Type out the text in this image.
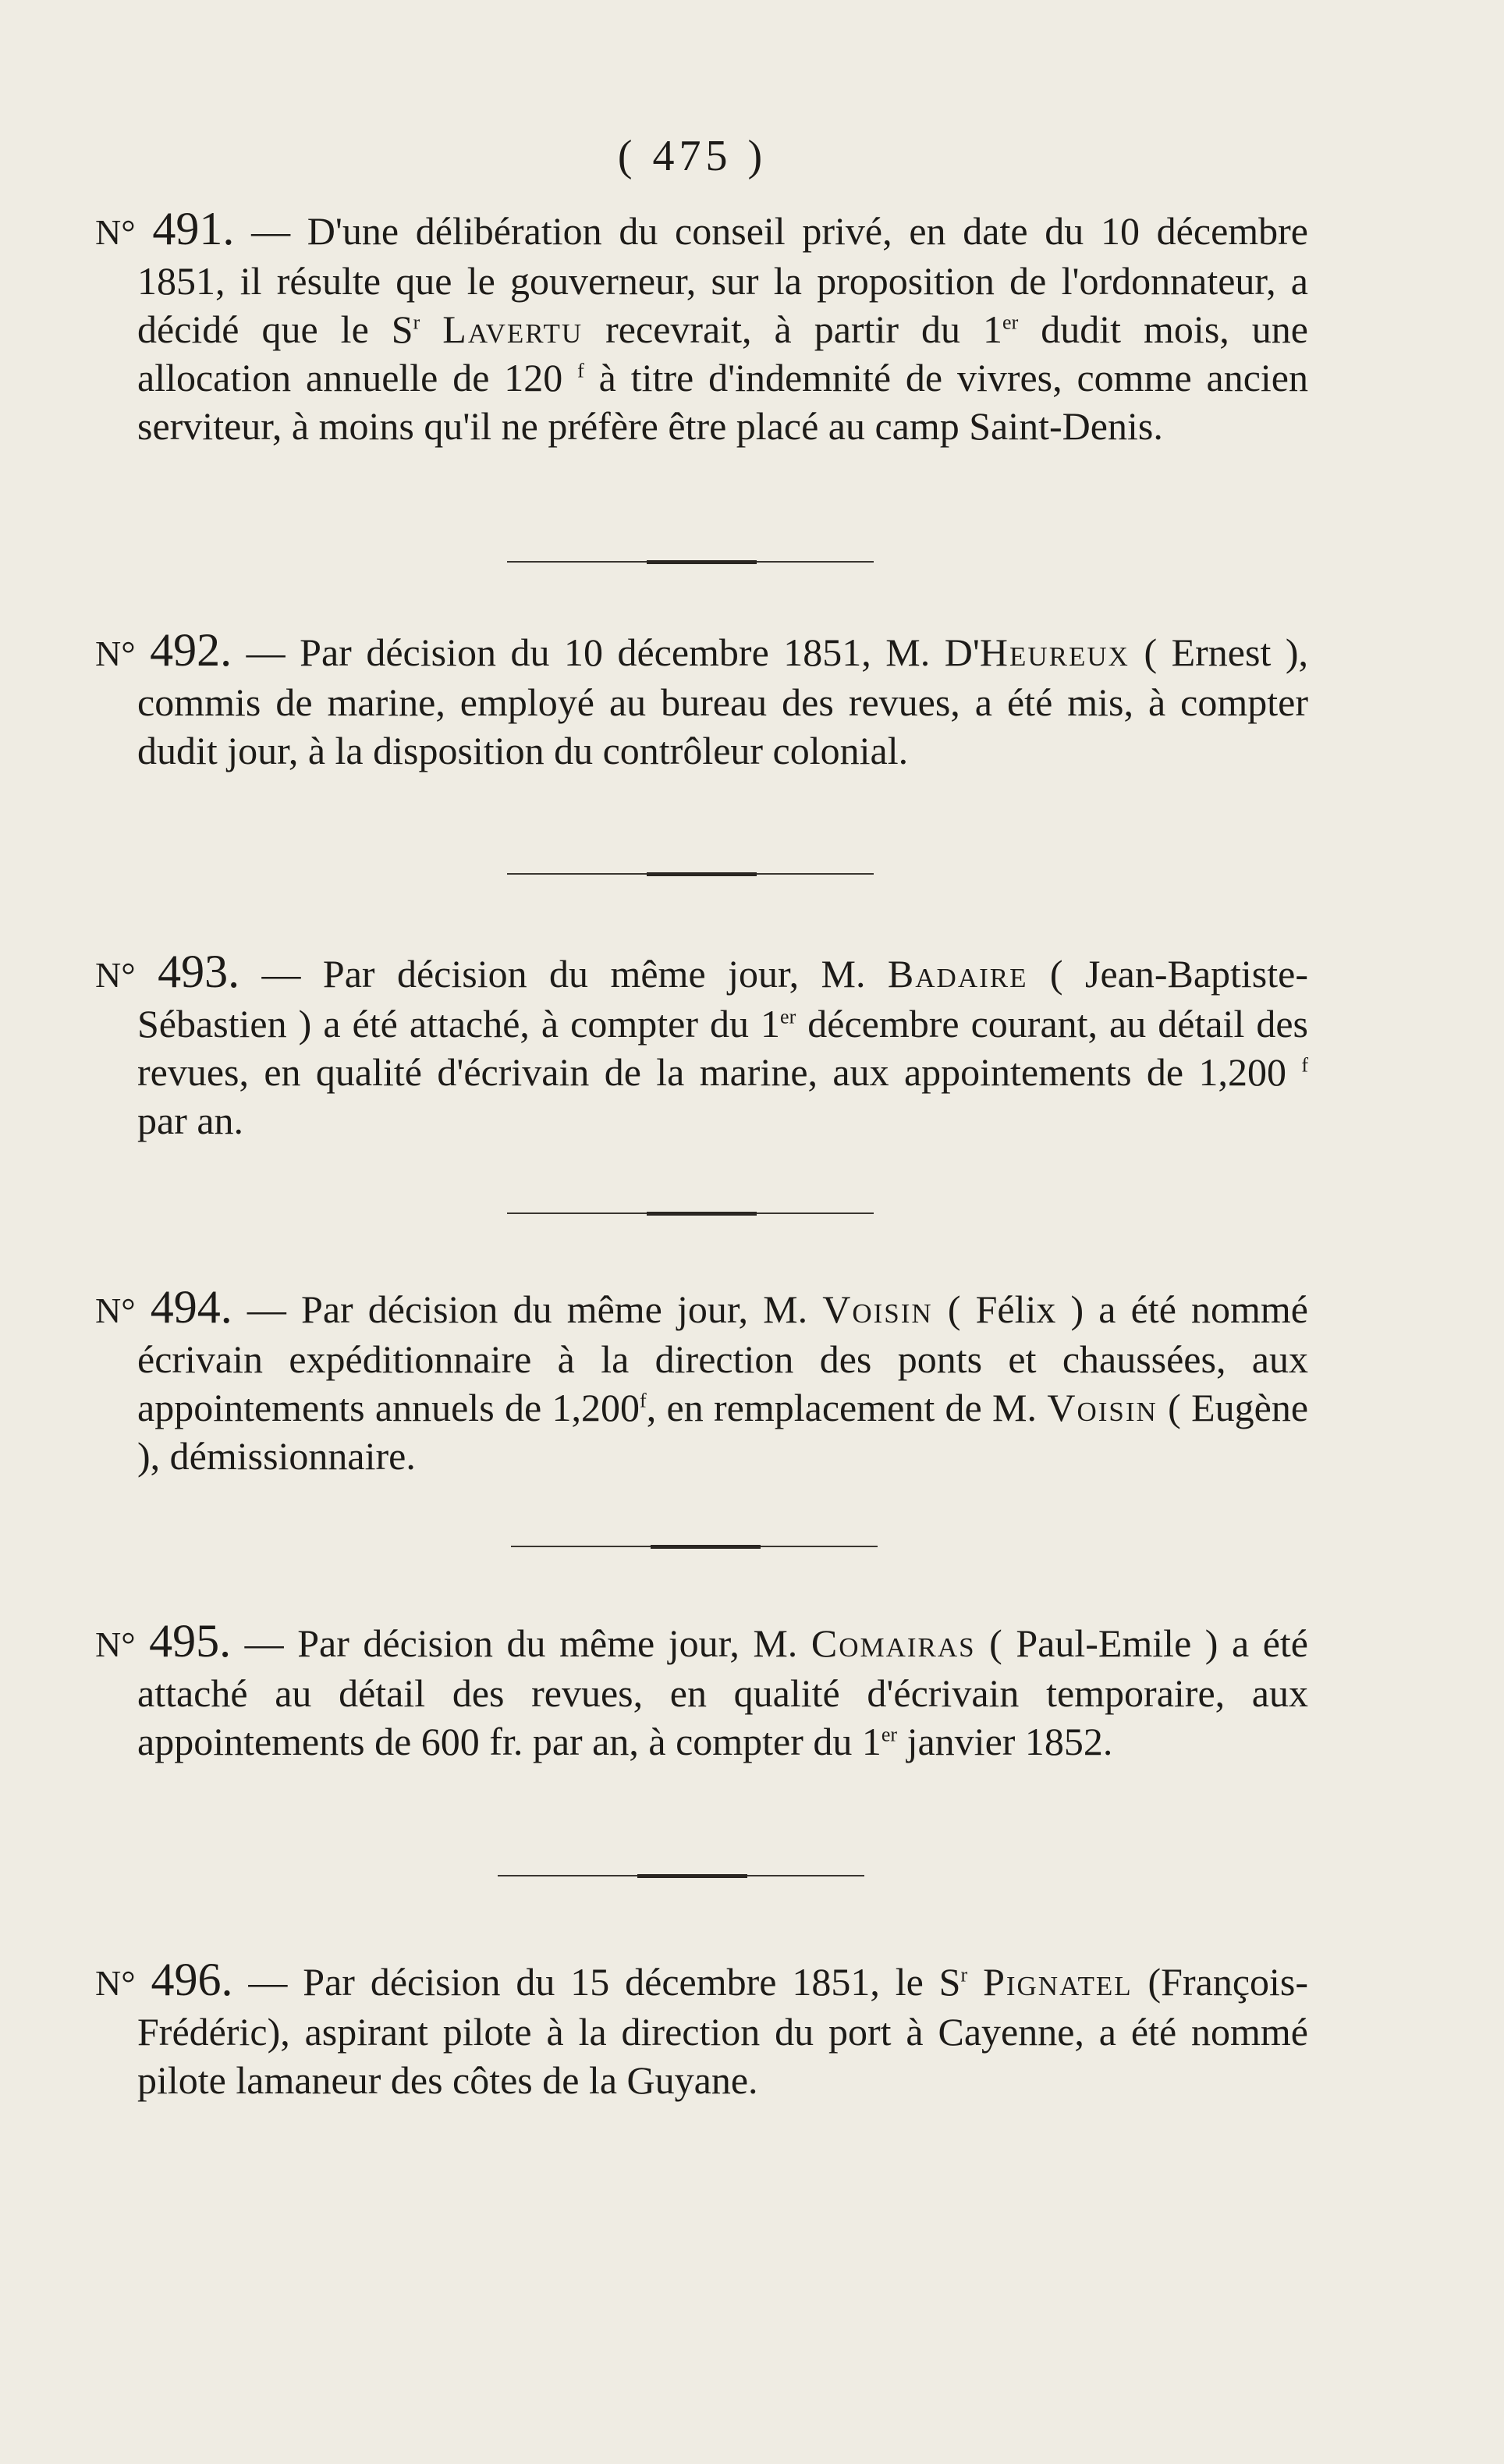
( 475 )

N° 491. — D'une délibération du conseil privé, en date du 10 décembre 1851, il résulte que le gouverneur, sur la proposition de l'ordonnateur, a décidé que le $S^r$ Lavertu recevrait, à partir du 1er dudit mois, une allocation annuelle de 120 $^f$ à titre d'indemnité de vivres, comme ancien serviteur, à moins qu'il ne préfère être placé au camp Saint-Denis.

N° 492. — Par décision du 10 décembre 1851, M. D'Heureux ( Ernest ), commis de marine, employé au bureau des revues, a été mis, à compter dudit jour, à la disposition du contrôleur colonial.

N° 493. — Par décision du même jour, M. Badaire ( Jean-Baptiste-Sébastien ) a été attaché, à compter du 1er décembre courant, au détail des revues, en qualité d'écrivain de la marine, aux appointements de 1,200 $^f$ par an.

N° 494. — Par décision du même jour, M. Voisin ( Félix ) a été nommé écrivain expéditionnaire à la direction des ponts et chaussées, aux appointements annuels de 1,200$^f$, en remplacement de M. Voisin ( Eugène ), démissionnaire.

N° 495. — Par décision du même jour, M. Comairas ( Paul-Emile ) a été attaché au détail des revues, en qualité d'écrivain temporaire, aux appointements de 600 fr. par an, à compter du 1er janvier 1852.

N° 496. — Par décision du 15 décembre 1851, le $S^r$ Pignatel (François-Frédéric), aspirant pilote à la direction du port à Cayenne, a été nommé pilote lamaneur des côtes de la Guyane.
